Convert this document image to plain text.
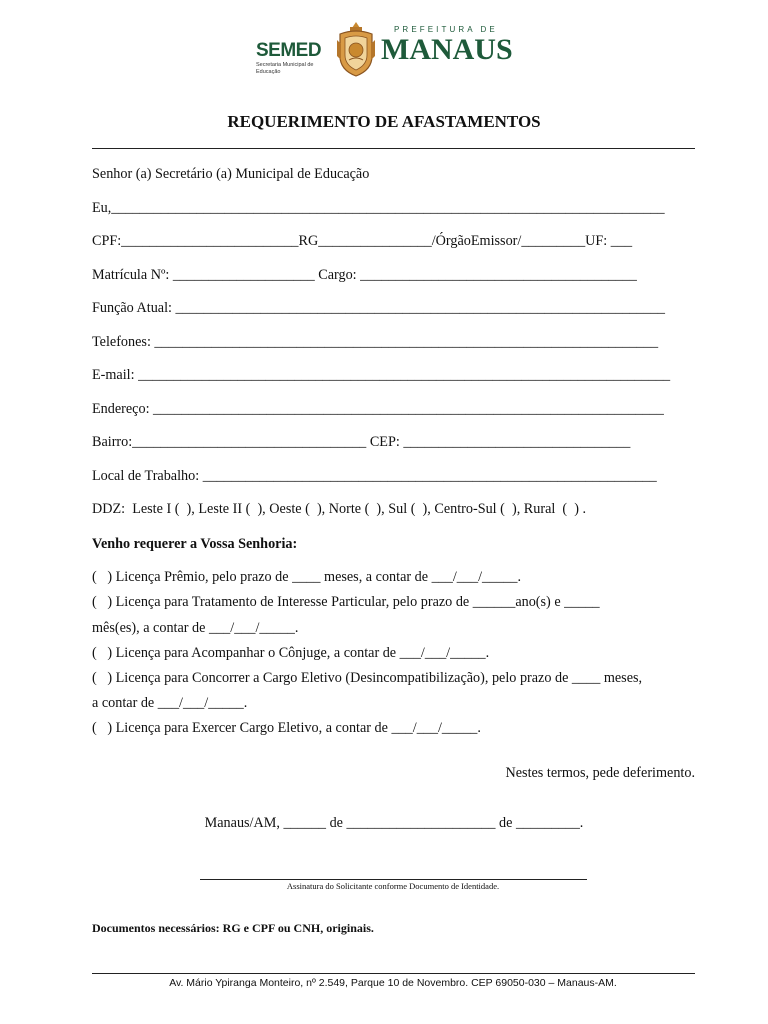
SEMED
Secretaria Municipal de Educação
PREFEITURA DE
MANAUS
REQUERIMENTO DE AFASTAMENTOS
Senhor (a) Secretário (a) Municipal de Educação
Eu,______________________________________________________________________________
CPF:_________________________RG________________/ÓrgãoEmissor/_________UF: ___
Matrícula Nº: ____________________ Cargo: _______________________________________
Função Atual: _____________________________________________________________________
Telefones: _______________________________________________________________________
E-mail: ___________________________________________________________________________
Endereço: ________________________________________________________________________
Bairro:_________________________________ CEP: ________________________________
Local de Trabalho: ________________________________________________________________
DDZ:  Leste I (  ), Leste II (  ), Oeste (  ), Norte (  ), Sul (  ), Centro-Sul (  ), Rural  (  ) .
Venho requerer a Vossa Senhoria:
(   ) Licença Prêmio, pelo prazo de ____ meses, a contar de ___/___/_____.
(   ) Licença para Tratamento de Interesse Particular, pelo prazo de ______ano(s) e _____
mês(es), a contar de ___/___/_____.
(   ) Licença para Acompanhar o Cônjuge, a contar de ___/___/_____.
(   ) Licença para Concorrer a Cargo Eletivo (Desincompatibilização), pelo prazo de ____ meses,
a contar de ___/___/_____.
(   ) Licença para Exercer Cargo Eletivo, a contar de ___/___/_____.
Nestes termos, pede deferimento.
Manaus/AM, ______ de _____________________ de _________.
Assinatura do Solicitante conforme Documento de Identidade.
Documentos necessários: RG e CPF ou CNH, originais.
Av. Mário Ypiranga Monteiro, nº 2.549, Parque 10 de Novembro. CEP 69050-030 – Manaus-AM.
